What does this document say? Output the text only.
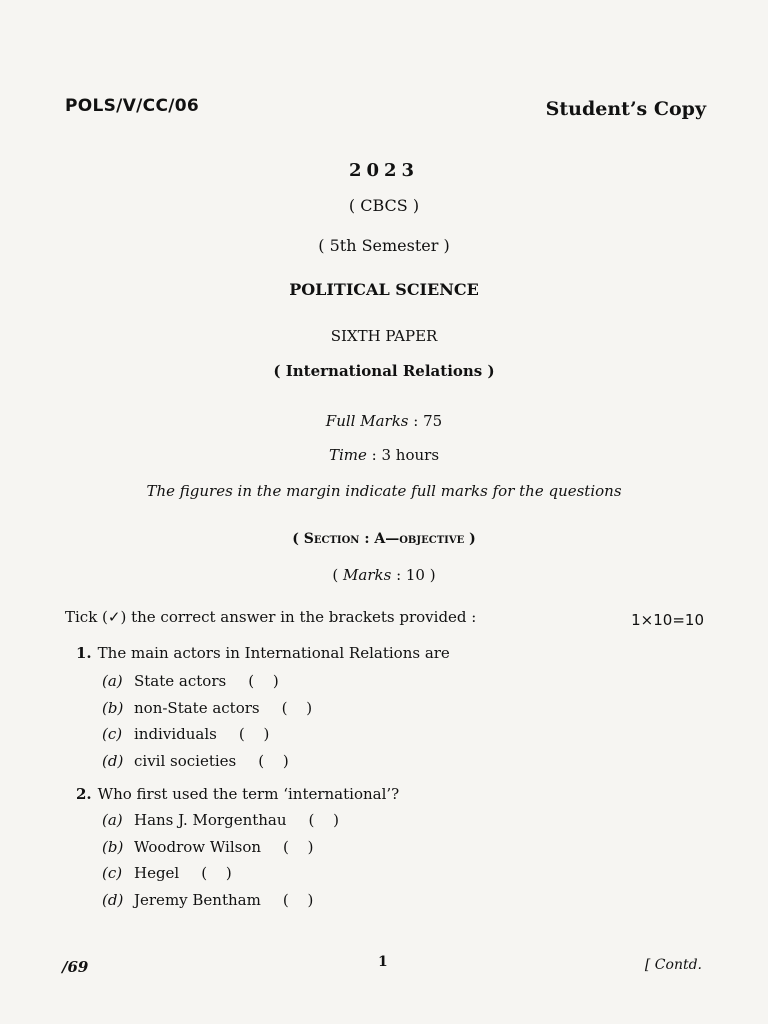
POLS/V/CC/06	Student’s Copy
2023
( CBCS )
( 5th Semester )
POLITICAL SCIENCE
SIXTH PAPER
( International Relations )
Full Marks : 75
Time : 3 hours
The figures in the margin indicate full marks for the questions
( Section : A—objective )
( Marks : 10 )
Tick (✓) the correct answer in the brackets provided :	1×10=10
1. The main actors in International Relations are
(a) State actors ( )
(b) non-State actors ( )
(c) individuals ( )
(d) civil societies ( )
2. Who first used the term ‘international’?
(a) Hans J. Morgenthau ( )
(b) Woodrow Wilson ( )
(c) Hegel ( )
(d) Jeremy Bentham ( )
/69	1	[ Contd.
